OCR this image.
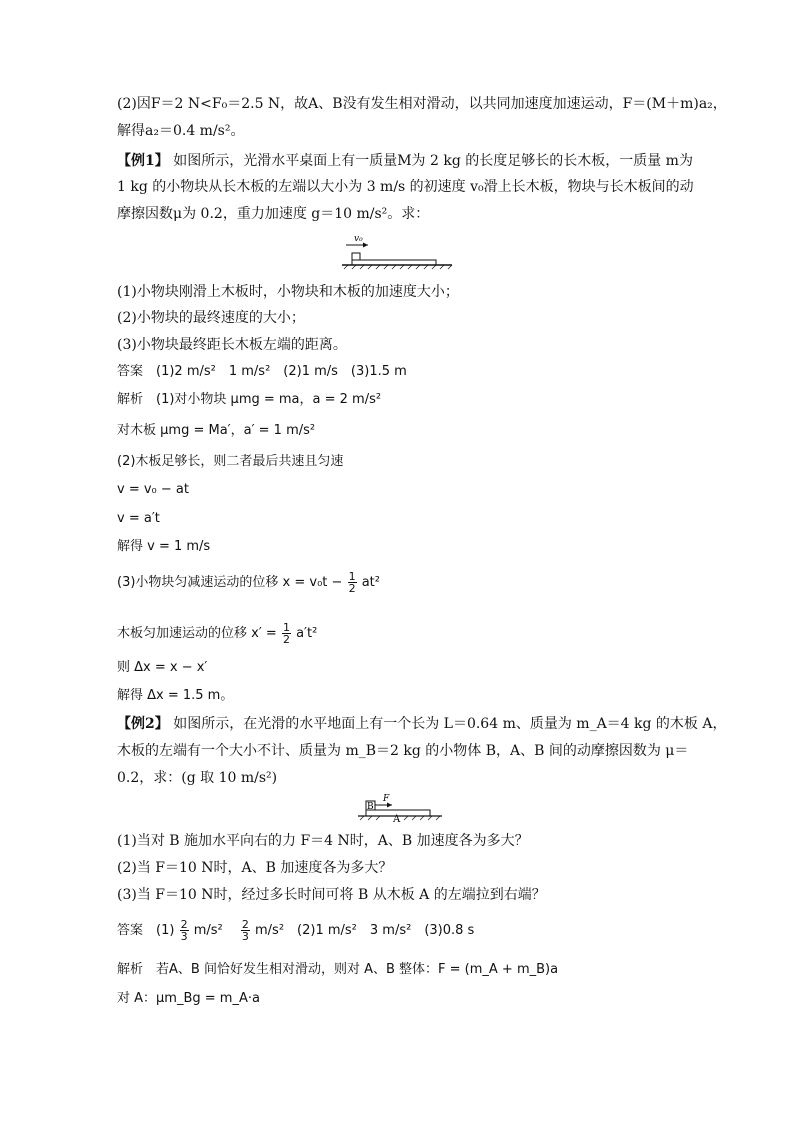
(2)因F＝2 N<F₀＝2.5 N，故A、B没有发生相对滑动，以共同加速度加速运动，F＝(M＋m)a₂，
解得a₂＝0.4 m/s²。
【例1】 如图所示，光滑水平桌面上有一质量M为 2 kg 的长度足够长的长木板，一质量 m为
1 kg 的小物块从长木板的左端以大小为 3 m/s 的初速度 v₀滑上长木板，物块与长木板间的动
摩擦因数μ为 0.2，重力加速度 g＝10 m/s²。求：
v₀
(1)小物块刚滑上木板时，小物块和木板的加速度大小；
(2)小物块的最终速度的大小；
(3)小物块最终距长木板左端的距离。
答案　(1)2 m/s²　1 m/s²　(2)1 m/s　(3)1.5 m
解析　(1)对小物块 μmg = ma，a = 2 m/s²
对木板 μmg = Ma′，a′ = 1 m/s²
(2)木板足够长，则二者最后共速且匀速
v = v₀ − at
v = a′t
解得 v = 1 m/s
(3)小物块匀减速运动的位移 $x = v_0t - \frac{1}{2} at^2$
木板匀加速运动的位移 $x' = \frac{1}{2} a't^2$
则 Δx = x − x′
解得 Δx = 1.5 m。
【例2】 如图所示，在光滑的水平地面上有一个长为 L＝0.64 m、质量为 m_A＝4 kg 的木板 A，
木板的左端有一个大小不计、质量为 m_B＝2 kg 的小物体 B，A、B 间的动摩擦因数为 μ＝
0.2，求：(g 取 10 m/s²)
B
F
A
(1)当对 B 施加水平向右的力 F＝4 N时，A、B 加速度各为多大？
(2)当 F＝10 N时，A、B 加速度各为多大？
(3)当 F＝10 N时，经过多长时间可将 B 从木板 A 的左端拉到右端？
答案　$(1) \frac{2}{3} m/s^2$　 $\frac{2}{3} m/s^2$　(2)1 m/s²　3 m/s²　(3)0.8 s
解析　若A、B 间恰好发生相对滑动，则对 A、B 整体：F = (m_A + m_B)a
对 A：μm_Bg = m_A·a
